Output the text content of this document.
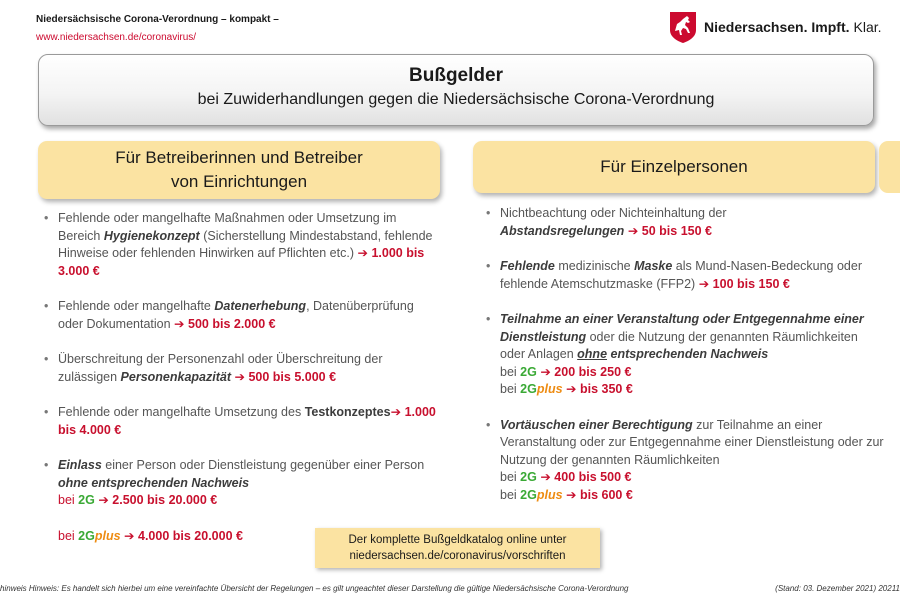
Niedersächsische Corona-Verordnung – kompakt –
www.niedersachsen.de/coronavirus/
Niedersachsen. Impft. Klar.
Bußgelder
bei Zuwiderhandlungen gegen die Niedersächsische Corona-Verordnung
Für Betreiberinnen und Betreiber
von Einrichtungen
Für Einzelpersonen
• Fehlende oder mangelhafte Maßnahmen oder Umsetzung im Bereich Hygienekonzept (Sicherstellung Mindestabstand, fehlende Hinweise oder fehlenden Hinwirken auf Pflichten etc.) ➔ 1.000 bis 3.000 €
• Fehlende oder mangelhafte Datenerhebung, Datenüberprüfung oder Dokumentation ➔ 500 bis 2.000 €
• Überschreitung der Personenzahl oder Überschreitung der zulässigen Personenkapazität ➔ 500 bis 5.000 €
• Fehlende oder mangelhafte Umsetzung des Testkonzeptes➔ 1.000 bis 4.000 €
• Einlass einer Person oder Dienstleistung gegenüber einer Person ohne entsprechenden Nachweis
bei 2G ➔ 2.500 bis 20.000 €
bei 2Gplus ➔ 4.000 bis 20.000 €
• Nichtbeachtung oder Nichteinhaltung der
Abstandsregelungen ➔ 50 bis 150 €
• Fehlende medizinische Maske als Mund-Nasen-Bedeckung oder fehlende Atemschutzmaske (FFP2) ➔ 100 bis 150 €
• Teilnahme an einer Veranstaltung oder Entgegennahme einer Dienstleistung oder die Nutzung der genannten Räumlichkeiten oder Anlagen ohne entsprechenden Nachweis
bei 2G ➔ 200 bis 250 €
bei 2Gplus ➔ bis 350 €
• Vortäuschen einer Berechtigung zur Teilnahme an einer Veranstaltung oder zur Entgegennahme einer Dienstleistung oder zur Nutzung der genannten Räumlichkeiten
bei 2G ➔ 400 bis 500 €
bei 2Gplus ➔ bis 600 €
Der komplette Bußgeldkatalog online unter
niedersachsen.de/coronavirus/vorschriften
hinweis Hinweis: Es handelt sich hierbei um eine vereinfachte Übersicht der Regelungen – es gilt ungeachtet dieser Darstellung die gültige Niedersächsische Corona-Verordnung	(Stand: 03. Dezember 2021) 20211
